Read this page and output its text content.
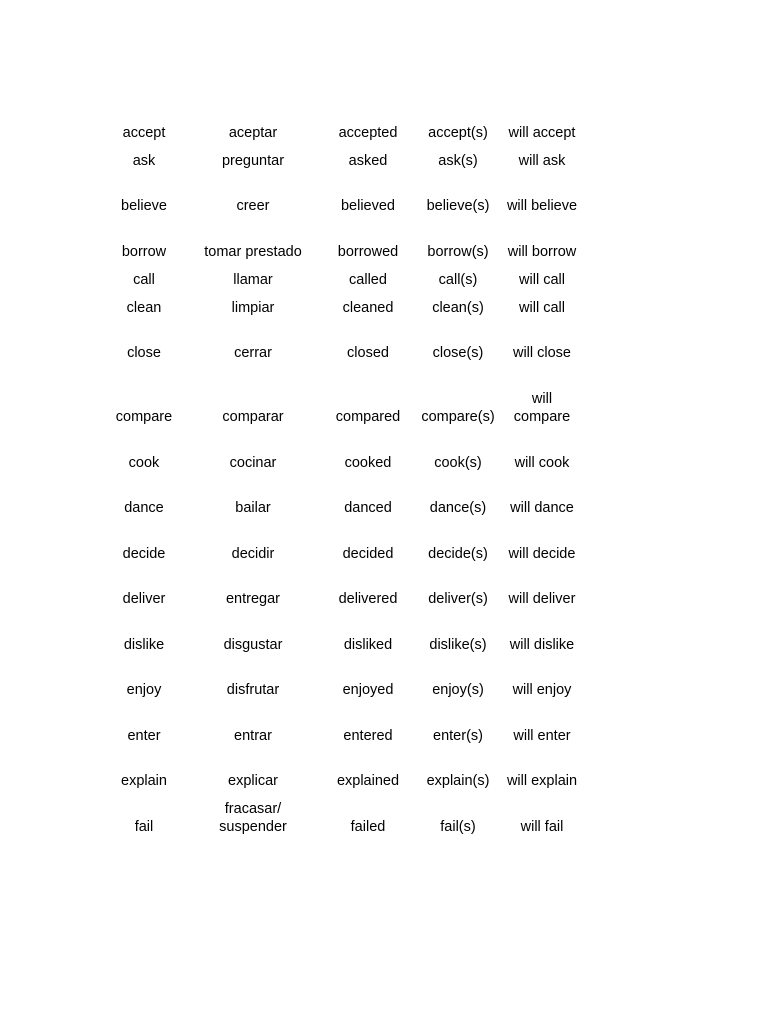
accept	aceptar	accepted	accept(s)	will accept
ask	preguntar	asked	ask(s)	will ask
believe	creer	believed	believe(s)	will believe
borrow	tomar prestado	borrowed	borrow(s)	will borrow
call	llamar	called	call(s)	will call
clean	limpiar	cleaned	clean(s)	will call
close	cerrar	closed	close(s)	will close
compare	comparar	compared	compare(s)	will compare
cook	cocinar	cooked	cook(s)	will cook
dance	bailar	danced	dance(s)	will dance
decide	decidir	decided	decide(s)	will decide
deliver	entregar	delivered	deliver(s)	will deliver
dislike	disgustar	disliked	dislike(s)	will dislike
enjoy	disfrutar	enjoyed	enjoy(s)	will enjoy
enter	entrar	entered	enter(s)	will enter
explain	explicar	explained	explain(s)	will explain
fail	fracasar/ suspender	failed	fail(s)	will fail
